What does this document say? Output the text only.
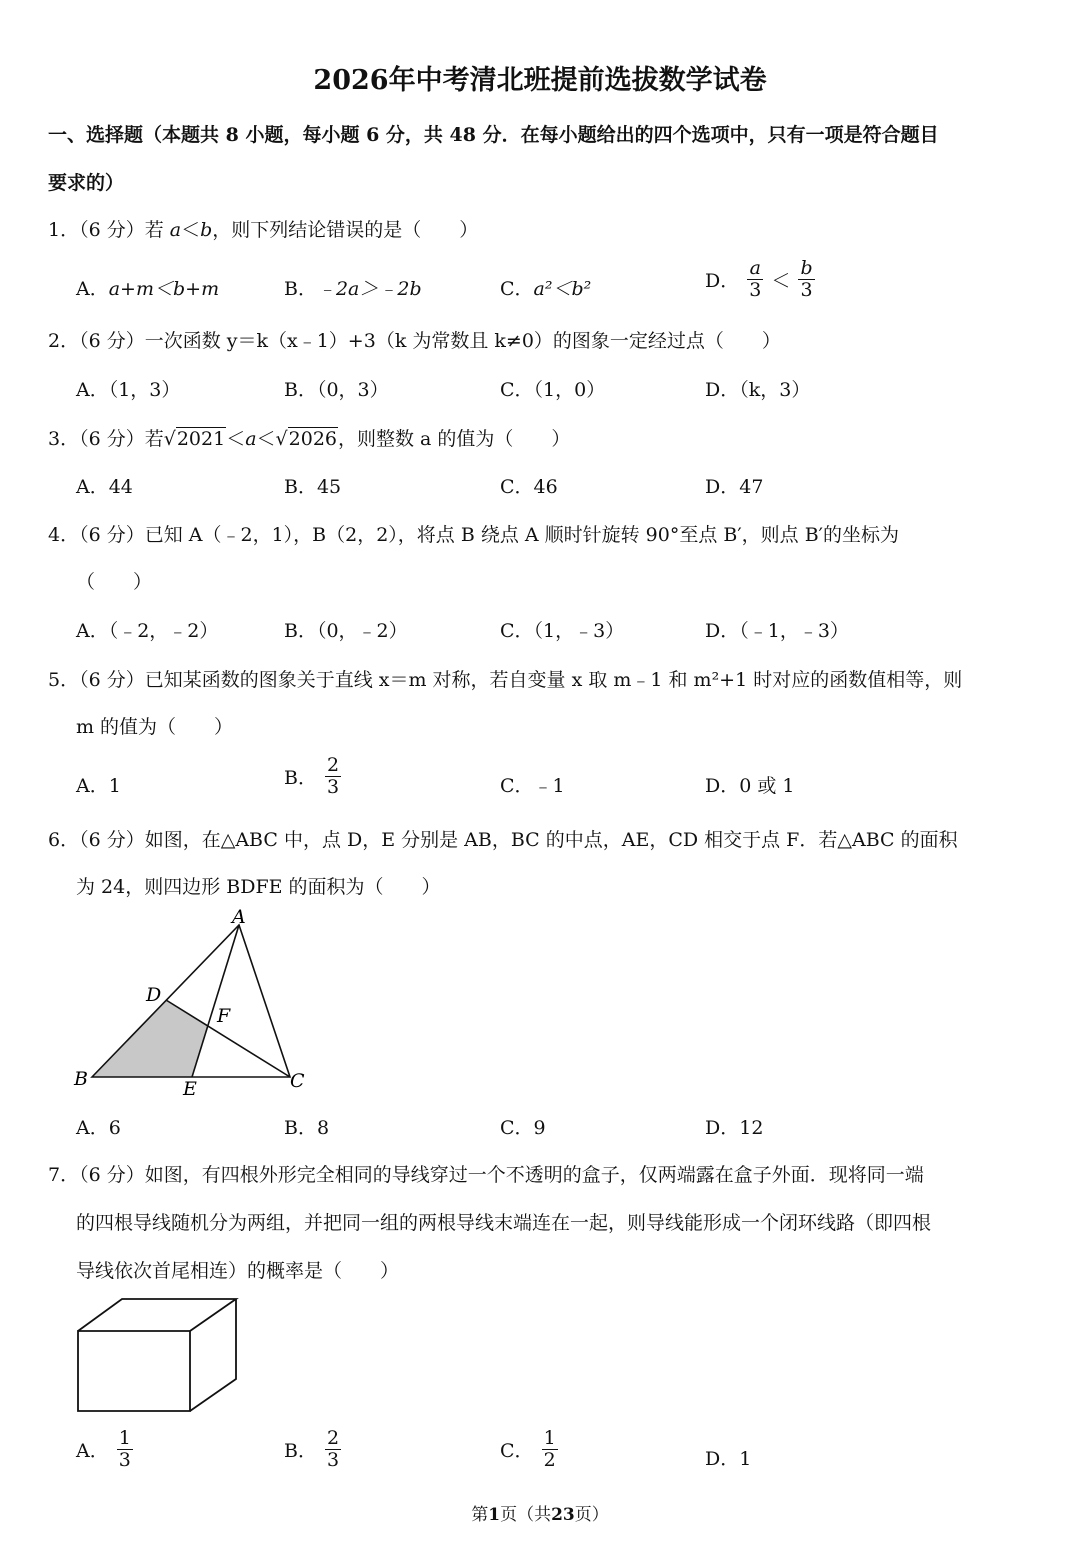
2026年中考清北班提前选拔数学试卷
一、选择题（本题共 8 小题，每小题 6 分，共 48 分．在每小题给出的四个选项中，只有一项是符合题目
要求的）
1．（6 分）若 a＜b，则下列结论错误的是（　　）
A．a+m＜b+m	B．﹣2a＞﹣2b	C．a²＜b²	D． $\frac{a}{3} < \frac{b}{3}$
2．（6 分）一次函数 y＝k（x﹣1）+3（k 为常数且 k≠0）的图象一定经过点（　　）
A．（1，3）	B．（0，3）	C．（1，0）	D．（k，3）
3．（6 分）若√2021＜a＜√2026，则整数 a 的值为（　　）
A．44	B．45	C．46	D．47
4．（6 分）已知 A（﹣2，1），B（2，2），将点 B 绕点 A 顺时针旋转 90°至点 B′，则点 B′的坐标为
（　　）
A．（﹣2，﹣2）	B．（0，﹣2）	C．（1，﹣3）	D．（﹣1，﹣3）
5．（6 分）已知某函数的图象关于直线 x＝m 对称，若自变量 x 取 m﹣1 和 m²+1 时对应的函数值相等，则
m 的值为（　　）
A．1	B． $\frac{2}{3}$	C．﹣1	D．0 或 1
6．（6 分）如图，在△ABC 中，点 D，E 分别是 AB，BC 的中点，AE，CD 相交于点 F．若△ABC 的面积
为 24，则四边形 BDFE 的面积为（　　）
A
B	C
D
E
F
A．6	B．8	C．9	D．12
7．（6 分）如图，有四根外形完全相同的导线穿过一个不透明的盒子，仅两端露在盒子外面．现将同一端
的四根导线随机分为两组，并把同一组的两根导线末端连在一起，则导线能形成一个闭环线路（即四根
导线依次首尾相连）的概率是（　　）
A． $\frac{1}{3}$	B． $\frac{2}{3}$	C． $\frac{1}{2}$	D．1
第1页（共23页）
